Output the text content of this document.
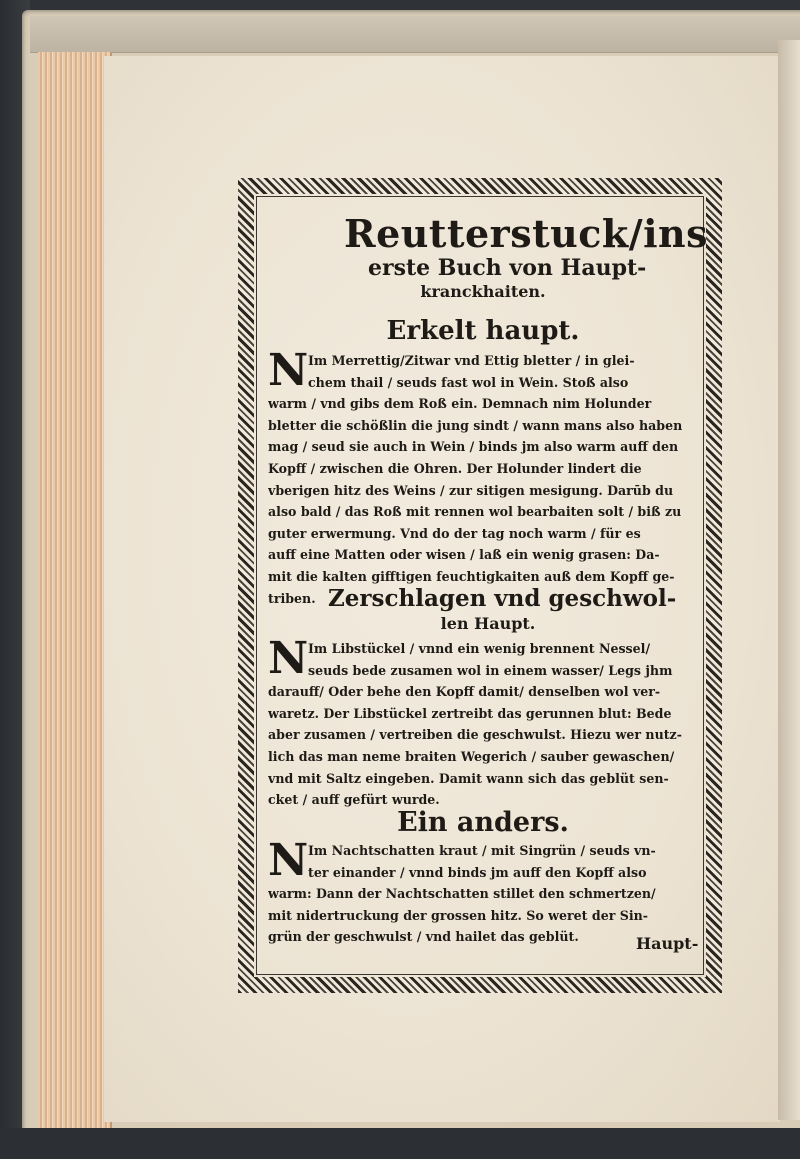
Reutterstuck/ins
erste Buch von Haupt-
kranckhaiten.
Erkelt haupt.
N Im Merrettig/Zitwar vnd Ettig bletter / in glei-
chem thail / seuds fast wol in Wein. Stoß also
warm / vnd gibs dem Roß ein. Demnach nim Holunder
bletter die schößlin die jung sindt / wann mans also haben
mag / seud sie auch in Wein / binds jm also warm auff den
Kopff / zwischen die Ohren. Der Holunder lindert die
vberigen hitz des Weins / zur sitigen mesigung. Darūb du
also bald / das Roß mit rennen wol bearbaiten solt / biß zu
guter erwermung. Vnd do der tag noch warm / für es
auff eine Matten oder wisen / laß ein wenig grasen: Da-
mit die kalten gifftigen feuchtigkaiten auß dem Kopff ge-
triben. Zerschlagen vnd geschwol-
len Haupt.
N Im Libstückel / vnnd ein wenig brennent Nessel/
seuds bede zusamen wol in einem wasser/ Legs jhm
darauff/ Oder behe den Kopff damit/ denselben wol ver-
waretz. Der Libstückel zertreibt das gerunnen blut: Bede
aber zusamen / vertreiben die geschwulst. Hiezu wer nutz-
lich das man neme braiten Wegerich / sauber gewaschen/
vnd mit Saltz eingeben. Damit wann sich das geblüt sen-
cket / auff gefürt wurde.
Ein anders.
N Im Nachtschatten kraut / mit Singrün / seuds vn-
ter einander / vnnd binds jm auff den Kopff also
warm: Dann der Nachtschatten stillet den schmertzen/
mit nidertruckung der grossen hitz. So weret der Sin-
grün der geschwulst / vnd hailet das geblüt.	Haupt-
